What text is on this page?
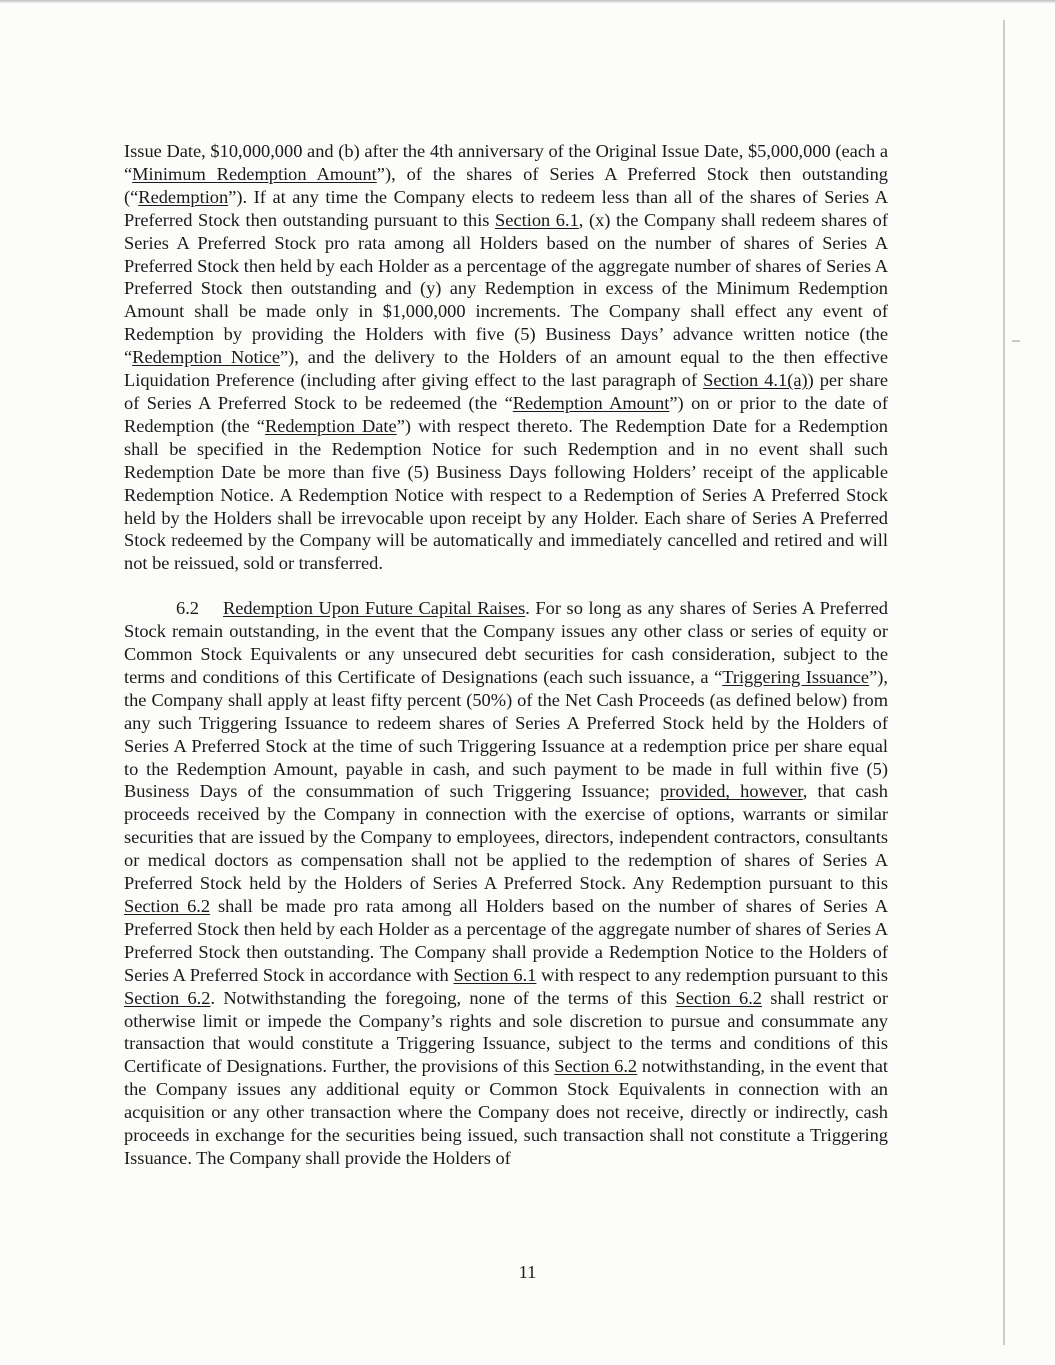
Issue Date, $10,000,000 and (b) after the 4th anniversary of the Original Issue Date, $5,000,000 (each a “Minimum Redemption Amount”), of the shares of Series A Preferred Stock then outstanding (“Redemption”). If at any time the Company elects to redeem less than all of the shares of Series A Preferred Stock then outstanding pursuant to this Section 6.1, (x) the Company shall redeem shares of Series A Preferred Stock pro rata among all Holders based on the number of shares of Series A Preferred Stock then held by each Holder as a percentage of the aggregate number of shares of Series A Preferred Stock then outstanding and (y) any Redemption in excess of the Minimum Redemption Amount shall be made only in $1,000,000 increments. The Company shall effect any event of Redemption by providing the Holders with five (5) Business Days’ advance written notice (the “Redemption Notice”), and the delivery to the Holders of an amount equal to the then effective Liquidation Preference (including after giving effect to the last paragraph of Section 4.1(a)) per share of Series A Preferred Stock to be redeemed (the “Redemption Amount”) on or prior to the date of Redemption (the “Redemption Date”) with respect thereto. The Redemption Date for a Redemption shall be specified in the Redemption Notice for such Redemption and in no event shall such Redemption Date be more than five (5) Business Days following Holders’ receipt of the applicable Redemption Notice. A Redemption Notice with respect to a Redemption of Series A Preferred Stock held by the Holders shall be irrevocable upon receipt by any Holder. Each share of Series A Preferred Stock redeemed by the Company will be automatically and immediately cancelled and retired and will not be reissued, sold or transferred.

6.2 Redemption Upon Future Capital Raises. For so long as any shares of Series A Preferred Stock remain outstanding, in the event that the Company issues any other class or series of equity or Common Stock Equivalents or any unsecured debt securities for cash consideration, subject to the terms and conditions of this Certificate of Designations (each such issuance, a “Triggering Issuance”), the Company shall apply at least fifty percent (50%) of the Net Cash Proceeds (as defined below) from any such Triggering Issuance to redeem shares of Series A Preferred Stock held by the Holders of Series A Preferred Stock at the time of such Triggering Issuance at a redemption price per share equal to the Redemption Amount, payable in cash, and such payment to be made in full within five (5) Business Days of the consummation of such Triggering Issuance; provided, however, that cash proceeds received by the Company in connection with the exercise of options, warrants or similar securities that are issued by the Company to employees, directors, independent contractors, consultants or medical doctors as compensation shall not be applied to the redemption of shares of Series A Preferred Stock held by the Holders of Series A Preferred Stock. Any Redemption pursuant to this Section 6.2 shall be made pro rata among all Holders based on the number of shares of Series A Preferred Stock then held by each Holder as a percentage of the aggregate number of shares of Series A Preferred Stock then outstanding. The Company shall provide a Redemption Notice to the Holders of Series A Preferred Stock in accordance with Section 6.1 with respect to any redemption pursuant to this Section 6.2. Notwithstanding the foregoing, none of the terms of this Section 6.2 shall restrict or otherwise limit or impede the Company’s rights and sole discretion to pursue and consummate any transaction that would constitute a Triggering Issuance, subject to the terms and conditions of this Certificate of Designations. Further, the provisions of this Section 6.2 notwithstanding, in the event that the Company issues any additional equity or Common Stock Equivalents in connection with an acquisition or any other transaction where the Company does not receive, directly or indirectly, cash proceeds in exchange for the securities being issued, such transaction shall not constitute a Triggering Issuance. The Company shall provide the Holders of

11
